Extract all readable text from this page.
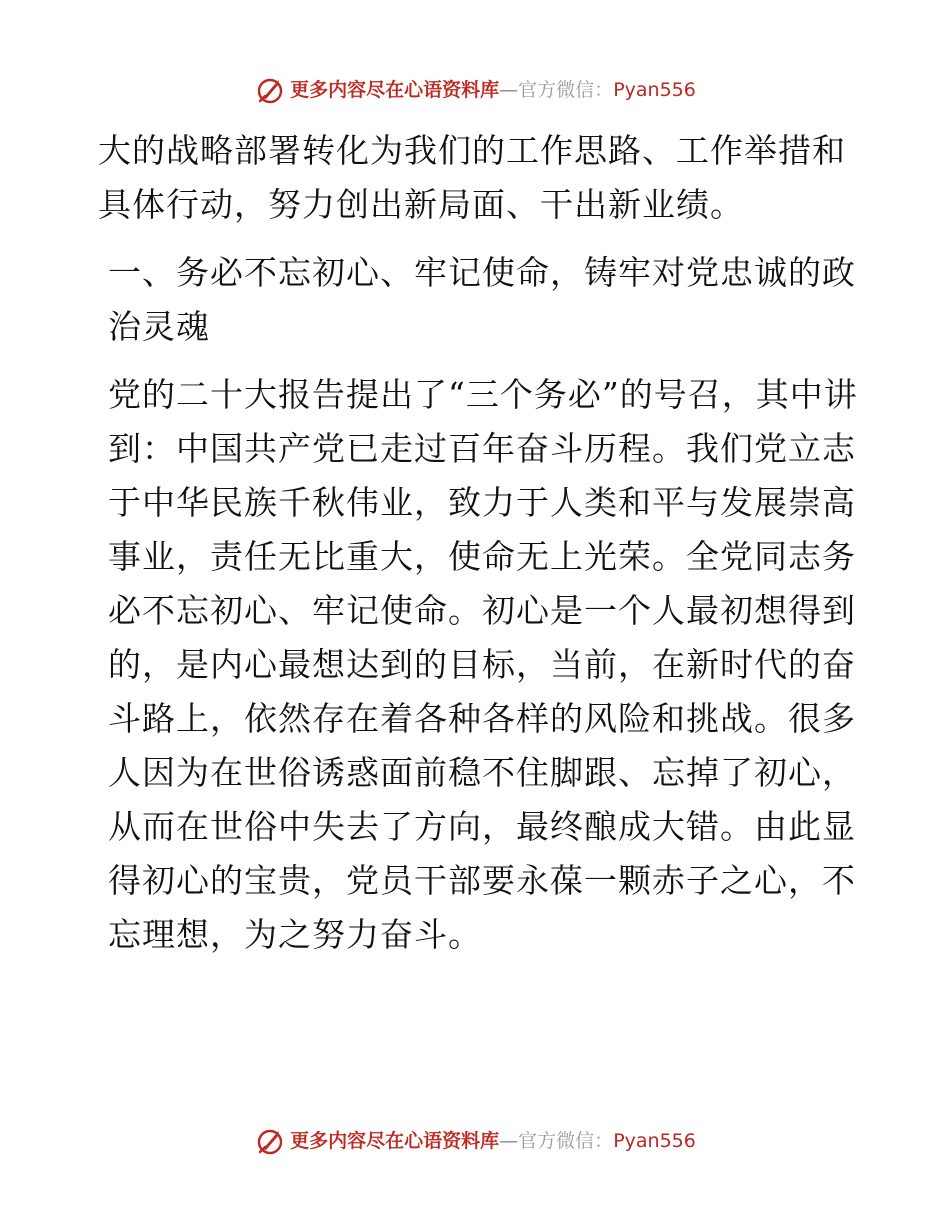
更多内容尽在心语资料库 — 官方微信： Pyan556

大的战略部署转化为我们的工作思路、工作举措和具体行动，努力创出新局面、干出新业绩。

一、务必不忘初心、牢记使命，铸牢对党忠诚的政治灵魂

党的二十大报告提出了“三个务必”的号召，其中讲到：中国共产党已走过百年奋斗历程。我们党立志于中华民族千秋伟业，致力于人类和平与发展崇高事业，责任无比重大，使命无上光荣。全党同志务必不忘初心、牢记使命。初心是一个人最初想得到的，是内心最想达到的目标，当前，在新时代的奋斗路上，依然存在着各种各样的风险和挑战。很多人因为在世俗诱惑面前稳不住脚跟、忘掉了初心，从而在世俗中失去了方向，最终酿成大错。由此显得初心的宝贵，党员干部要永葆一颗赤子之心，不忘理想，为之努力奋斗。

更多内容尽在心语资料库 — 官方微信： Pyan556
